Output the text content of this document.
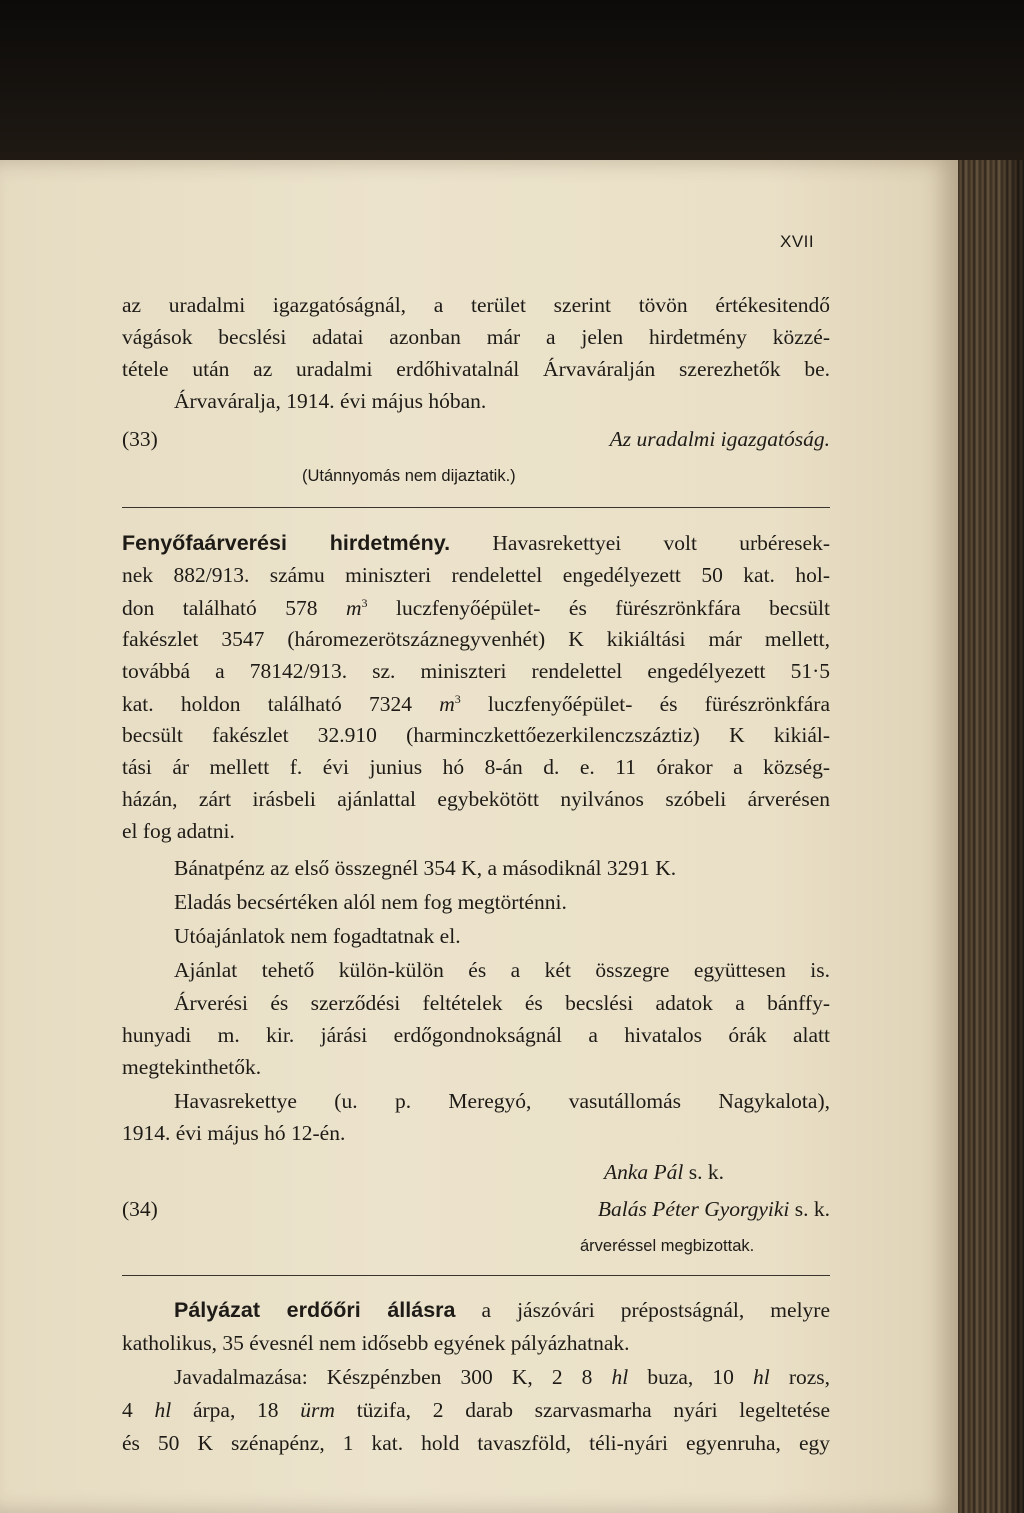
XVII
az uradalmi igazgatóságnál, a terület szerint tövön értékesitendő
vágások becslési adatai azonban már a jelen hirdetmény közzé-
tétele után az uradalmi erdőhivatalnál Árvaváralján szerezhetők be.
Árvaváralja, 1914. évi május hóban.
(33)	Az uradalmi igazgatóság.
(Utánnyomás nem dijaztatik.)
Fenyőfaárverési hirdetmény. Havasrekettyei volt urbéresek-
nek 882/913. számu miniszteri rendelettel engedélyezett 50 kat. hol-
don található 578 $m^3$ luczfenyőépület- és fürészrönkfára becsült
fakészlet 3547 (háromezerötszáznegyvenhét) K kikiáltási már mellett,
továbbá a 78142/913. sz. miniszteri rendelettel engedélyezett 51·5
kat. holdon található 7324 $m^3$ luczfenyőépület- és fürészrönkfára
becsült fakészlet 32.910 (harminczkettőezerkilenczszáztiz) K kikiál-
tási ár mellett f. évi junius hó 8-án d. e. 11 órakor a község-
házán, zárt irásbeli ajánlattal egybekötött nyilvános szóbeli árverésen
el fog adatni.
Bánatpénz az első összegnél 354 K, a másodiknál 3291 K.
Eladás becsértéken alól nem fog megtörténni.
Utóajánlatok nem fogadtatnak el.
Ajánlat tehető külön-külön és a két összegre együttesen is.
Árverési és szerződési feltételek és becslési adatok a bánffy-
hunyadi m. kir. járási erdőgondnokságnál a hivatalos órák alatt
megtekinthetők.
Havasrekettye (u. p. Meregyó, vasutállomás Nagykalota),
1914. évi május hó 12-én.
Anka Pál s. k.
(34)	Balás Péter Gyorgyiki s. k.
árveréssel megbizottak.
Pályázat erdőőri állásra a jászóvári prépostságnál, melyre
katholikus, 35 évesnél nem idősebb egyének pályázhatnak.
Javadalmazása: Készpénzben 300 K, 2 8 hl buza, 10 hl rozs,
4 hl árpa, 18 ürm tüzifa, 2 darab szarvasmarha nyári legeltetése
és 50 K szénapénz, 1 kat. hold tavaszföld, téli-nyári egyenruha, egy
